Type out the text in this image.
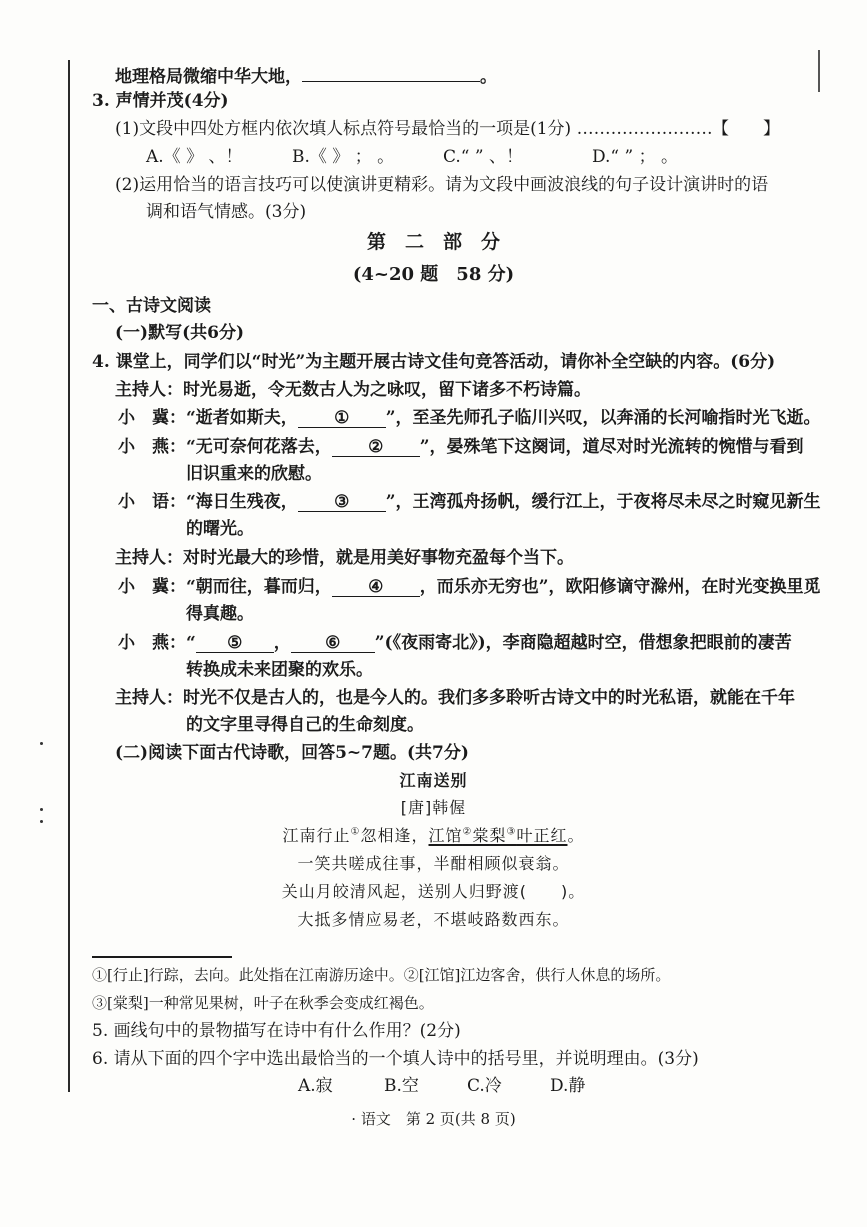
地理格局微缩中华大地，	。
3. 声情并茂(4分)
(1)文段中四处方框内依次填人标点符号最恰当的一项是(1分) …………………… 【　　】
A.《 》 、！	B.《 》 ； 。	C.“ ” 、！	D.“ ” ； 。
(2)运用恰当的语言技巧可以使演讲更精彩。请为文段中画波浪线的句子设计演讲时的语
调和语气情感。(3分)
第　二　部　分
(4~20 题　58 分)
一、古诗文阅读
(一)默写(共6分)
4. 课堂上，同学们以“时光”为主题开展古诗文佳句竞答活动，请你补全空缺的内容。(6分)
主持人：时光易逝，令无数古人为之咏叹，留下诸多不朽诗篇。
小　冀：“逝者如斯夫， ① ”，至圣先师孔子临川兴叹，以奔涌的长河喻指时光飞逝。
小　燕：“无可奈何花落去， ② ”，晏殊笔下这阕词，道尽对时光流转的惋惜与看到
旧识重来的欣慰。
小　语：“海日生残夜， ③ ”，王湾孤舟扬帆，缓行江上，于夜将尽未尽之时窥见新生
的曙光。
主持人：对时光最大的珍惜，就是用美好事物充盈每个当下。
小　冀：“朝而往，暮而归， ④ ，而乐亦无穷也”，欧阳修谪守滁州，在时光变换里觅
得真趣。
小　燕：“ ⑤ ， ⑥ ”(《夜雨寄北》)，李商隐超越时空，借想象把眼前的凄苦
转换成未来团聚的欢乐。
主持人：时光不仅是古人的，也是今人的。我们多多聆听古诗文中的时光私语，就能在千年
的文字里寻得自己的生命刻度。
(二)阅读下面古代诗歌，回答5~7题。(共7分)
江南送别
[唐]韩偓
江南行止①忽相逢，江馆②棠梨③叶正红。
一笑共嗟成往事，半酣相顾似衰翁。
关山月皎清风起，送别人归野渡(　　)。
大抵多情应易老，不堪岐路数西东。
①[行止]行踪，去向。此处指在江南游历途中。②[江馆]江边客舍，供行人休息的场所。
③[棠梨]一种常见果树，叶子在秋季会变成红褐色。
5. 画线句中的景物描写在诗中有什么作用？(2分)
6. 请从下面的四个字中选出最恰当的一个填人诗中的括号里，并说明理由。(3分)
A.寂	B.空	C.冷	D.静
· 语文　第 2 页(共 8 页)
